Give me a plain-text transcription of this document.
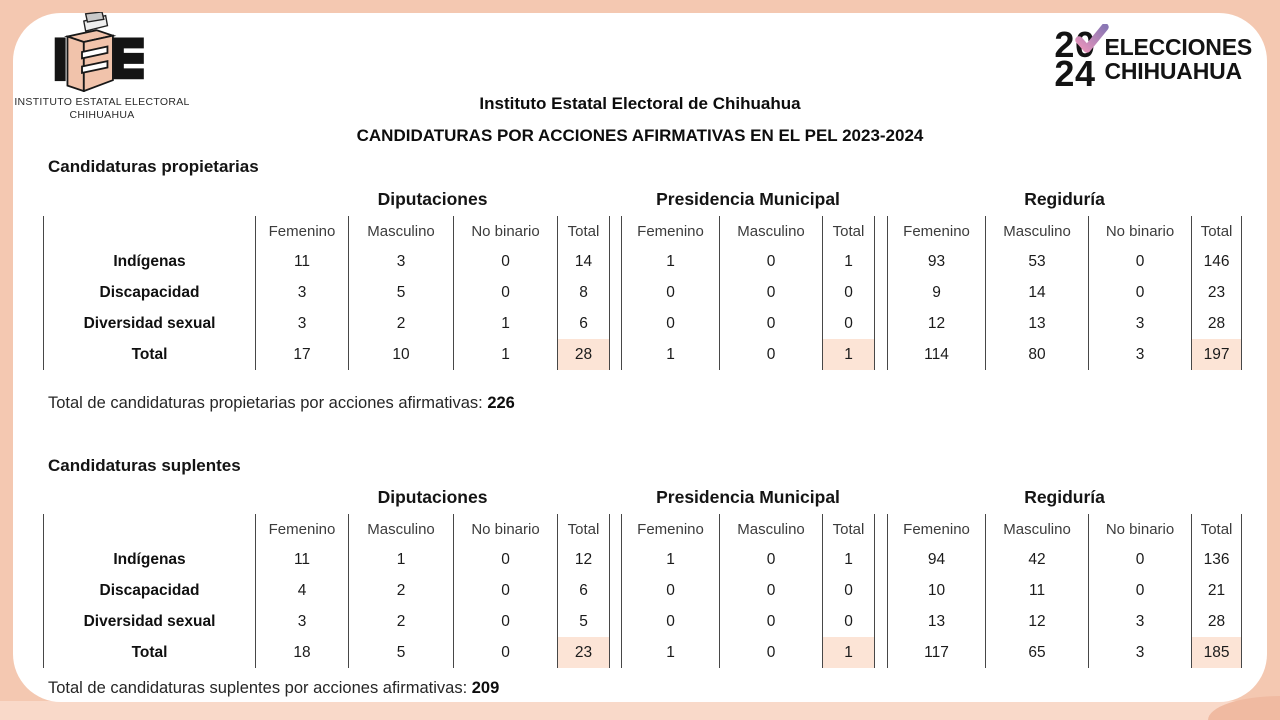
INSTITUTO ESTATAL ELECTORAL
CHIHUAHUA
20
24
ELECCIONES
CHIHUAHUA
Instituto Estatal Electoral de Chihuahua
CANDIDATURAS POR ACCIONES AFIRMATIVAS EN EL PEL 2023-2024
Candidaturas propietarias
	Diputaciones					Presidencia Municipal				Regiduría			
	Femenino	Masculino	No binario	Total		Femenino	Masculino	Total		Femenino	Masculino	No binario	Total
Indígenas	11	3	0	14		1	0	1		93	53	0	146
Discapacidad	3	5	0	8		0	0	0		9	14	0	23
Diversidad sexual	3	2	1	6		0	0	0		12	13	3	28
Total	17	10	1	28		1	0	1		114	80	3	197
Total de candidaturas propietarias por acciones afirmativas: 226
Candidaturas suplentes
	Diputaciones					Presidencia Municipal				Regiduría			
	Femenino	Masculino	No binario	Total		Femenino	Masculino	Total		Femenino	Masculino	No binario	Total
Indígenas	11	1	0	12		1	0	1		94	42	0	136
Discapacidad	4	2	0	6		0	0	0		10	11	0	21
Diversidad sexual	3	2	0	5		0	0	0		13	12	3	28
Total	18	5	0	23		1	0	1		117	65	3	185
Total de candidaturas suplentes por acciones afirmativas: 209
